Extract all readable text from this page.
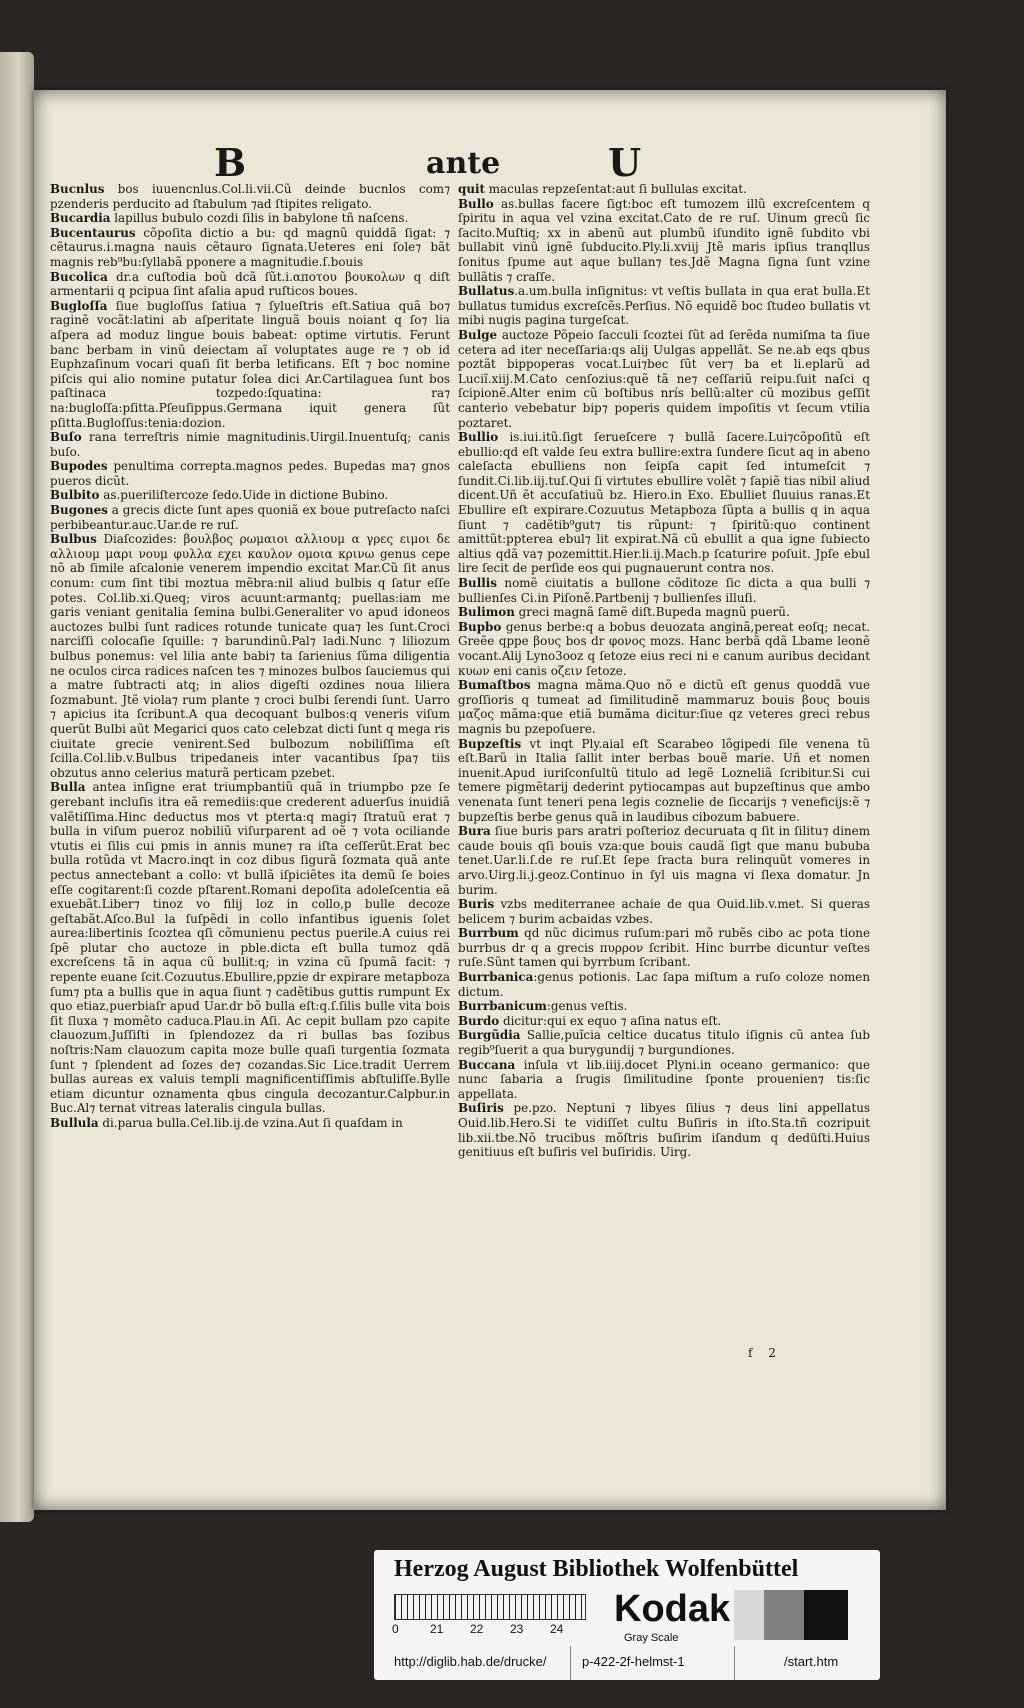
B	ante	U

Bucnlus bos iuuencnlus.Col.li.vii.Cũ deinde bucnlos com⁊ pzenderis perducito ad ſtabulum ⁊ad ſtipites religato.

Bucardia lapillus bubulo cozdi ſilis in babylone tñ naſcens.

Bucentaurus cõpoſita dictio a bu: qd magnũ quiddã ſigat: ⁊ cẽtaurus.i.magna nauis cẽtauro ſignata.Ueteres eni ſole⁊ bãt magnis reb⁹bu:ſyllabã pponere a magnitudie.ſ.bouis

Bucolica dr.a cuſtodia boũ dcã ſũt.i.αποτου βουκολων q diſt armentarii q pcipua ſint aſalia apud ruſticos boues.

Bugloſſa ſiue bugloſſus ſatiua ⁊ ſylueſtris eſt.Satiua quã bo⁊ raginẽ vocãt:latini ab aſperitate linguã bouis noiant q ſo⁊ lia aſpera ad moduz lingue bouis babeat: optime virtutis. Ferunt banc berbam in vinũ deiectam aĩ voluptates auge re ⁊ ob id Euphzaſinum vocari quaſi ſit berba letificans. Eſt ⁊ boc nomine piſcis qui alio nomine putatur ſolea dici Ar.Cartilaguea ſunt bos paſtinaca tozpedo:ſquatina: ra⁊ na:bugloſſa:pſitta.Pſeuſippus.Germana iquit genera ſũt pſitta.Bugloſſus:tenia:dozion.

Buſo rana terreſtris nimie magnitudinis.Uirgil.Inuentuſq; canis buſo.

Bupodes penultima correpta.magnos pedes. Bupedas ma⁊ gnos pueros dicũt.

Bulbito as.pueriliſtercoze ſedo.Uide in dictione Bubino.

Bugones a grecis dicte ſunt apes quoniã ex boue putreſacto naſci perbibeantur.auc.Uar.de re ruſ.

Bulbus Diaſcozides: βουλβος ρωμαιοι αλλιουμ α γρες ειμοι δε αλλιουμ μαρι νουμ φυλλα εχει καυλον ομοια κρινω genus cepe nõ ab ſimile aſcalonie venerem impendio excitat Mar.Cũ ſit anus conum: cum ſint tibi moztua mẽbra:nil aliud bulbis q ſatur eſſe potes. Col.lib.xi.Queq; viros acuunt:armantq; puellas:iam me garis veniant genitalia ſemina bulbi.Generaliter vo apud idoneos auctozes bulbi ſunt radices rotunde tunicate qua⁊ les ſunt.Croci narciſſi colocaſie ſquille: ⁊ barundinũ.Pal⁊ ladi.Nunc ⁊ liliozum bulbus ponemus: vel lilia ante babi⁊ ta ſarienius ſũma diligentia ne oculos circa radices naſcen tes ⁊ minozes bulbos ſauciemus qui a matre ſubtracti atq; in alios digeſti ozdines noua liliera ſozmabunt. Jtẽ viola⁊ rum plante ⁊ croci bulbi ſerendi ſunt. Uarro ⁊ apicius ita ſcribunt.A qua decoquant bulbos:q veneris viſum querũt Bulbi aũt Megarici quos cato celebzat dicti ſunt q mega ris ciuitate grecie venirent.Sed bulbozum nobiliſſima eſt ſcilla.Col.lib.v.Bulbus tripedaneis inter vacantibus ſpa⁊ tiis obzutus anno celerius maturã perticam pzebet.

Bulla antea inſigne erat triumpbantiũ quã in triumpbo pze ſe gerebant incluſis itra eã remediis:que crederent aduerſus inuidiã valẽtiſſima.Hinc deductus mos vt pterta:q magi⁊ ſtratuũ erat ⁊ bulla in viſum pueroz nobiliũ viſurparent ad oẽ ⁊ vota ociliande vtutis ei ſilis cui pmis in annis mune⁊ ra iſta ceſſerũt.Erat bec bulla rotũda vt Macro.inqt in coz dibus ſigurã ſozmata quã ante pectus annectebant a collo: vt bullã iſpiciẽtes ita demũ ſe boies eſſe cogitarent:ſi cozde pſtarent.Romani depoſita adoleſcentia eã exuebãt.Liber⁊ tinoz vo filij loz in collo,p bulle decoze geſtabãt.Aſco.Bul la ſuſpẽdi in collo infantibus iguenis ſolet aurea:libertinis ſcoztea qſi cõmunienu pectus puerile.A cuius rei ſpẽ plutar cho auctoze in pble.dicta eſt bulla tumoz qdã excreſcens tã in aqua cũ bullit:q; in vzina cũ ſpumã facit: ⁊ repente euane ſcit.Cozuutus.Ebullire,ppzie dr expirare metapboza ſum⁊ pta a bullis que in aqua ſiunt ⁊ cadẽtibus guttis rumpunt Ex quo etiaz,puerbiaſr apud Uar.dr bõ bulla eſt:q.ſ.ſilis bulle vita bois ſit ſluxa ⁊ momẽto caduca.Plau.in Aſi. Ac cepit bullam pzo capite clauozum.Juſſiſti in ſplendozez da ri bullas bas ſozibus noſtris:Nam clauozum capita moze bulle quaſi turgentia ſozmata ſunt ⁊ ſplendent ad ſozes de⁊ cozandas.Sic Lice.tradit Uerrem bullas aureas ex valuis templi magnificentiſſimis abſtuliſſe.Bylle etiam dicuntur oznamenta qbus cingula decozantur.Calpbur.in Buc.Al⁊ ternat vitreas lateralis cingula bullas.

Bullula di.parua bulla.Cel.lib.ij.de vzina.Aut ſi quaſdam in

quit maculas repzeſentat:aut ſi bullulas excitat.

Bullo as.bullas facere ſigt:boc eſt tumozem illũ excreſcentem q ſpiritu in aqua vel vzina excitat.Cato de re ruſ. Uinum grecũ ſic ſacito.Muſtiq; xx in abenũ aut plumbũ iſundito ignẽ ſubdito vbi bullabit vinũ ignẽ ſubducito.Ply.li.xviij Jtẽ maris ipſius tranqllus ſonitus ſpume aut aque bullan⁊ tes.Jdẽ Magna ſigna ſunt vzine bullãtis ⁊ craſſe.

Bullatus.a.um.bulla inſignitus: vt veſtis bullata in qua erat bulla.Et bullatus tumidus excreſcẽs.Perſius. Nõ equidẽ boc ſtudeo bullatis vt mibi nugis pagina turgeſcat.

Bulge auctoze Põpeio ſacculi ſcoztei ſũt ad ſerẽda numiſma ta ſiue cetera ad iter neceſſaria:qs alij Uulgas appellãt. Se ne.ab eqs qbus poztãt bippoperas vocat.Lui⁊bec ſũt ver⁊ ba et li.eplarũ ad Luciĩ.xiij.M.Cato cenſozius:quẽ tã ne⁊ ceſſariũ reipu.ſuit naſci q ſcipionẽ.Alter enim cũ boſtibus nrís bellũ:alter cũ mozibus geſſit canterio vebebatur bip⁊ poperis quidem impoſitis vt ſecum vtilia poztaret.

Bullio is.iui.itũ.ſigt ſerueſcere ⁊ bullã ſacere.Lui⁊cõpoſitũ eſt ebullio:qd eſt valde ſeu extra bullire:extra ſundere ſicut aq in abeno caleſacta ebulliens non ſeipſa capit ſed intumeſcit ⁊ ſundit.Ci.lib.iij.tuſ.Qui ſi virtutes ebullire volẽt ⁊ ſapiẽ tias nibil aliud dicent.Uñ ẽt accuſatiuũ bz. Hiero.in Exo. Ebulliet ſluuius ranas.Et Ebullire eſt expirare.Cozuutus Metapboza ſũpta a bullis q in aqua ſiunt ⁊ cadẽtib⁹gut⁊ tis rũpunt: ⁊ ſpiritũ:quo continent amittũt:ppterea ebul⁊ lit expirat.Nã cũ ebullit a qua igne ſubiecto altius qdã va⁊ pozemittit.Hier.li.ij.Mach.p ſcaturire poſuit. Jpſe ebul lire ſecit de perſide eos qui pugnauerunt contra nos.

Bullis nomẽ ciuitatis a bullone cõditoze ſic dicta a qua bulli ⁊ bullienſes Ci.in Piſonẽ.Partbenij ⁊ bullienſes illuſi.

Bulimon greci magnã ſamẽ diſt.Bupeda magnũ puerũ.

Bupbo genus berbe:q a bobus deuozata anginã,pereat eoſq; necat. Greẽe qppe βους bos dr φονος mozs. Hanc berbã qdã Lbame leonẽ vocant.Alij Lyno3ooz q ſetoze eius reci ni e canum auribus decidant κυων eni canis οζειν ſetoze.

Bumaſtbos magna mãma.Quo nõ e dictũ eſt genus quoddã vue groſſioris q tumeat ad ſimilitudinẽ mammaruz bouis βους bouis μαζος mãma:que etiã bumãma dicitur:ſiue qz veteres greci rebus magnis bu pzepoſuere.

Bupzeſtis vt inqt Ply.aial eſt Scarabeo lõgipedi ſile venena tũ eſt.Barũ in Italia ſallit inter berbas bouẽ marie. Uñ et nomen inuenit.Apud iuriſconſultũ titulo ad legẽ Lozneliã ſcribitur.Si cui temere pigmẽtarij dederint pytiocampas aut bupzeſtinus que ambo venenata ſunt teneri pena legis coznelie de ſiccarijs ⁊ veneficijs:ẽ ⁊ bupzeſtis berbe genus quã in laudibus cibozum babuere.

Bura ſiue buris pars aratri poſterioz decuruata q ſit in ſilitu⁊ dinem caude bouis qſi bouis vza:que bouis caudã ſigt que manu bububa tenet.Uar.li.ſ.de re ruſ.Et ſepe ſracta bura relinquũt vomeres in arvo.Uirg.li.j.geoz.Continuo in ſyl uis magna vi ſlexa domatur. Jn burim.

Buris vzbs mediterranee achaie de qua Ouid.lib.v.met. Si queras belicem ⁊ burim acbaidas vzbes.

Burrbum qd nũc dicimus ruſum:pari mõ rubẽs cibo ac pota tione burrbus dr q a grecis πυρρον ſcribit. Hinc burrbe dicuntur veſtes ruſe.Sũnt tamen qui byrrbum ſcribant.

Burrbanica:genus potionis. Lac ſapa miſtum a ruſo coloze nomen dictum.

Burrbanicum:genus veſtis.

Burdo dicitur:qui ex equo ⁊ aſina natus eſt.

Burgũdia Sallie,puĩcia celtice ducatus titulo iſignis cũ antea ſub regib⁹ſuerit a qua burygundij ⁊ burgundiones.

Buccana inſula vt lib.iiij.docet Plyni.in oceano germanico: que nunc ſabaria a ſrugis ſimilitudine ſponte prouenien⁊ tis:ſic appellata.

Buſiris pe.pzo. Neptuni ⁊ libyes ſilius ⁊ deus lini appellatus Ouid.lib.Hero.Si te vidiſſet cultu Buſiris in iſto.Sta.tñ cozripuit lib.xii.tbe.Nõ trucibus mõſtris buſirim iſandum q dedüſti.Huius genitiuus eſt buſiris vel buſiridis. Uirg.

f 2
Herzog August Bibliothek Wolfenbüttel
0	21 22 23 24 Kodak
Gray Scale
http://diglib.hab.de/drucke/	p-422-2f-helmst-1	/start.htm
